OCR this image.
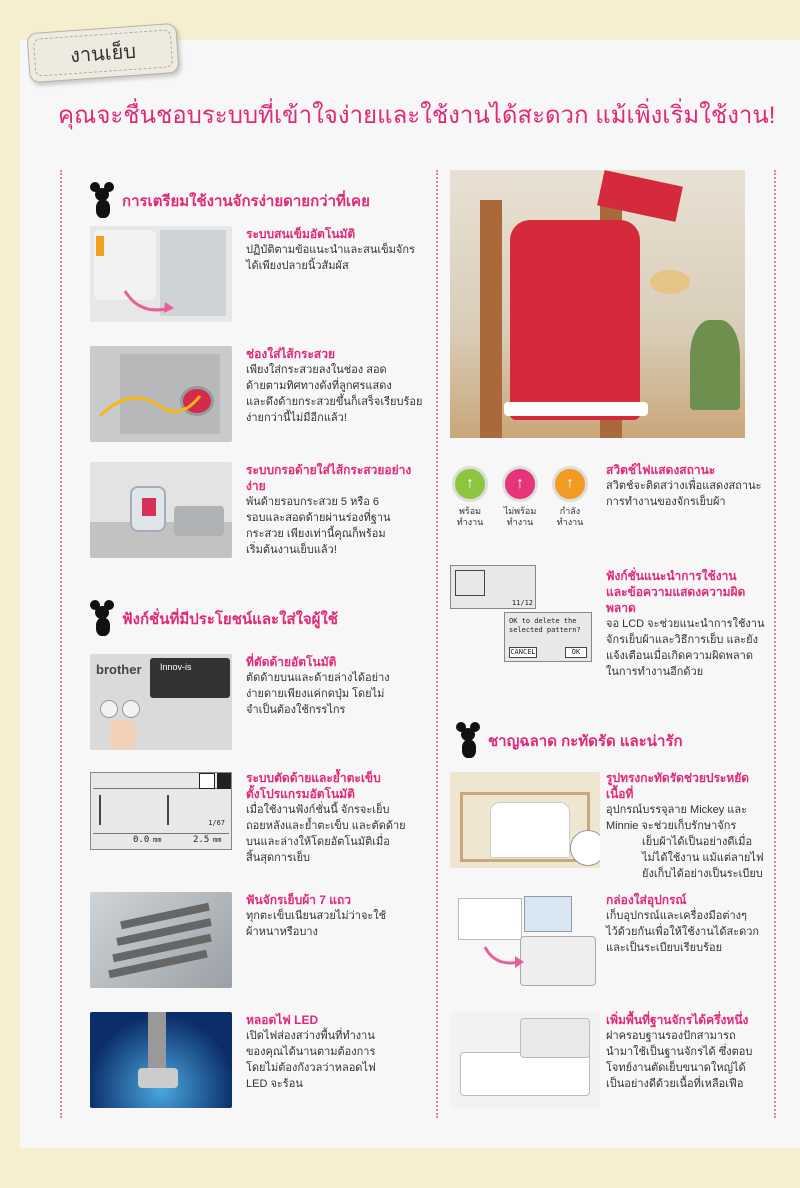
งานเย็บ
คุณจะชื่นชอบระบบที่เข้าใจง่ายและใช้งานได้สะดวก แม้เพิ่งเริ่มใช้งาน!
การเตรียมใช้งานจักรง่ายดายกว่าที่เคย
ระบบสนเข็มอัตโนมัติ
ปฏิบัติตามข้อแนะนำและสนเข็มจักร
ได้เพียงปลายนิ้วสัมผัส
ช่องใส่ไส้กระสวย
เพียงใส่กระสวยลงในช่อง สอด
ด้ายตามทิศทางดังที่ลูกศรแสดง
และดึงด้ายกระสวยขึ้นก็เสร็จเรียบร้อย
ง่ายกว่านี้ไม่มีอีกแล้ว!
ระบบกรอด้ายใส่ไส้กระสวยอย่างง่าย
พันด้ายรอบกระสวย 5 หรือ 6
รอบและสอดด้ายผ่านร่องที่ฐาน
กระสวย เพียงเท่านี้คุณก็พร้อม
เริ่มต้นงานเย็บแล้ว!
ฟังก์ชั่นที่มีประโยชน์และใส่ใจผู้ใช้
brother Innov-is	ที่ตัดด้ายอัตโนมัติ
ตัดด้ายบนและด้ายล่างได้อย่าง
ง่ายดายเพียงแค่กดปุ่ม โดยไม่
จำเป็นต้องใช้กรรไกร
1/67
0.0 mm	2.5 mm
ระบบตัดด้ายและย้ำตะเข็บ
ตั้งโปรแกรมอัตโนมัติ
เมื่อใช้งานฟังก์ชั่นนี้ จักรจะเย็บ
ถอยหลังและย้ำตะเข็บ และตัดด้าย
บนและล่างให้โดยอัตโนมัติเมื่อ
สิ้นสุดการเย็บ
ฟันจักรเย็บผ้า 7 แถว
ทุกตะเข็บเนียนสวยไม่ว่าจะใช้
ผ้าหนาหรือบาง
หลอดไฟ LED
เปิดไฟส่องสว่างพื้นที่ทำงาน
ของคุณได้นานตามต้องการ
โดยไม่ต้องกังวลว่าหลอดไฟ
LED จะร้อน
↑	↑	↑
พร้อม
ทำงาน
ไม่พร้อม
ทำงาน
กำลัง
ทำงาน
สวิตช์ไฟแสดงสถานะ
สวิตช์จะติดสว่างเพื่อแสดงสถานะ
การทำงานของจักรเย็บผ้า
11/12
OK to delete the
selected pattern?
CANCEL	OK
ฟังก์ชั่นแนะนำการใช้งาน
และข้อความแสดงความผิดพลาด
จอ LCD จะช่วยแนะนำการใช้งาน
จักรเย็บผ้าและวิธีการเย็บ และยัง
แจ้งเตือนเมื่อเกิดความผิดพลาด
ในการทำงานอีกด้วย
ชาญฉลาด กะทัดรัด และน่ารัก
รูปทรงกะทัดรัดช่วยประหยัดเนื้อที่
อุปกรณ์บรรจุลาย Mickey และ
Minnie จะช่วยเก็บรักษาจักร
เย็บผ้าได้เป็นอย่างดีเมื่อ
ไม่ได้ใช้งาน แม้แต่ลายไฟ
ยังเก็บได้อย่างเป็นระเบียบ
กล่องใส่อุปกรณ์
เก็บอุปกรณ์และเครื่องมือต่างๆ
ไว้ด้วยกันเพื่อให้ใช้งานได้สะดวก
และเป็นระเบียบเรียบร้อย
เพิ่มพื้นที่ฐานจักรได้ครึ่งหนึ่ง
ฝาครอบฐานรองปักสามารถ
นำมาใช้เป็นฐานจักรได้ ซึ่งตอบ
โจทย์งานตัดเย็บขนาดใหญ่ได้
เป็นอย่างดีด้วยเนื้อที่เหลือเฟือ
